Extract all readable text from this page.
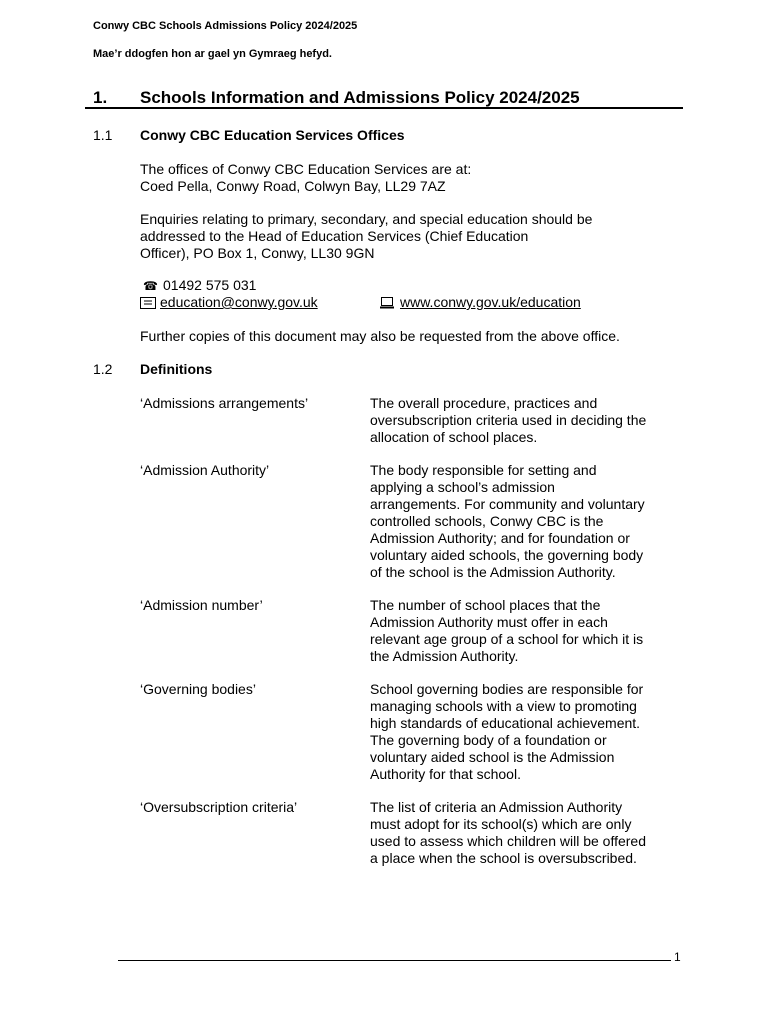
Conwy CBC Schools Admissions Policy 2024/2025
Mae’r ddogfen hon ar gael yn Gymraeg hefyd.
1. Schools Information and Admissions Policy 2024/2025
1.1 Conwy CBC Education Services Offices
The offices of Conwy CBC Education Services are at:
Coed Pella, Conwy Road, Colwyn Bay, LL29 7AZ
Enquiries relating to primary, secondary, and special education should be
addressed to the Head of Education Services (Chief Education
Officer), PO Box 1, Conwy, LL30 9GN
☎ 01492 575 031
education@conwy.gov.uk	www.conwy.gov.uk/education
Further copies of this document may also be requested from the above office.
1.2 Definitions
‘Admissions arrangements’	The overall procedure, practices and
oversubscription criteria used in deciding the
allocation of school places.
‘Admission Authority’	The body responsible for setting and
applying a school’s admission
arrangements. For community and voluntary
controlled schools, Conwy CBC is the
Admission Authority; and for foundation or
voluntary aided schools, the governing body
of the school is the Admission Authority.
‘Admission number’	The number of school places that the
Admission Authority must offer in each
relevant age group of a school for which it is
the Admission Authority.
‘Governing bodies’	School governing bodies are responsible for
managing schools with a view to promoting
high standards of educational achievement.
The governing body of a foundation or
voluntary aided school is the Admission
Authority for that school.
‘Oversubscription criteria’	The list of criteria an Admission Authority
must adopt for its school(s) which are only
used to assess which children will be offered
a place when the school is oversubscribed.
1
